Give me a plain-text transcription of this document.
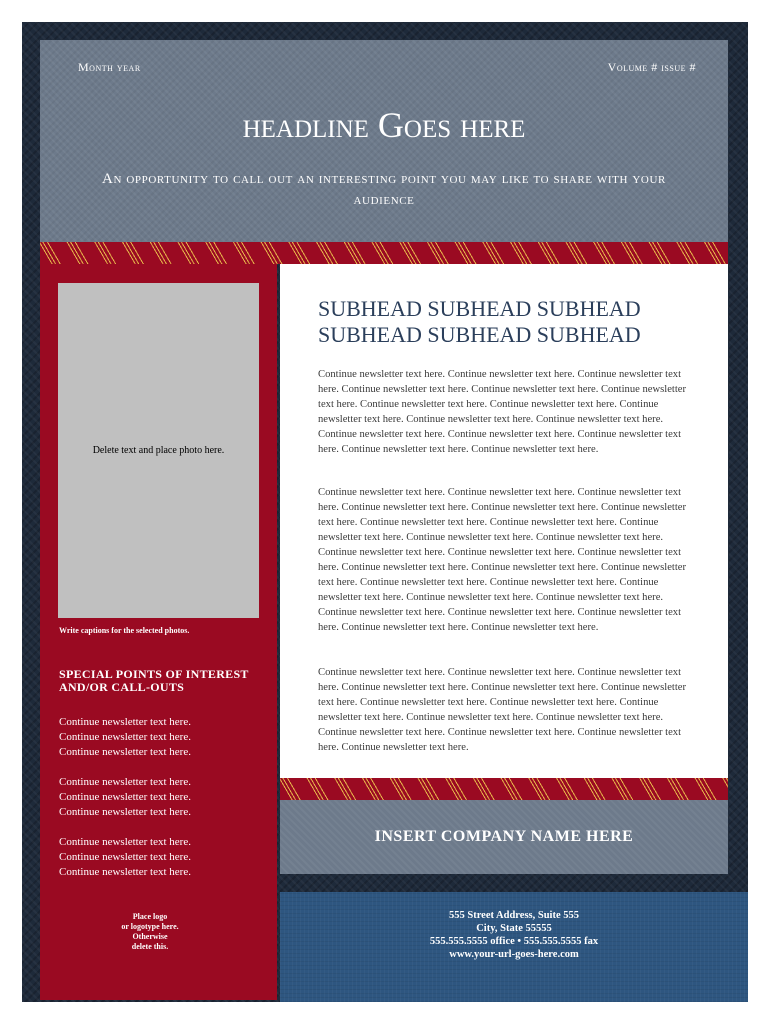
Month year	Volume # issue #
headline Goes here
An opportunity to call out an interesting point you may like to share with your audience
Delete text and place photo here.
Write captions for the selected photos.
SPECIAL POINTS OF INTEREST AND/OR CALL-OUTS
Continue newsletter text here.
Continue newsletter text here.
Continue newsletter text here.
Continue newsletter text here.
Continue newsletter text here.
Continue newsletter text here.
Continue newsletter text here.
Continue newsletter text here.
Continue newsletter text here.
Place logo
or logotype here.
Otherwise
delete this.
SUBHEAD SUBHEAD SUBHEAD SUBHEAD SUBHEAD SUBHEAD
Continue newsletter text here. Continue newsletter text here. Continue newsletter text here. Continue newsletter text here. Continue newsletter text here. Continue newsletter text here. Continue newsletter text here. Continue newsletter text here. Continue newsletter text here. Continue newsletter text here. Continue newsletter text here. Continue newsletter text here. Continue newsletter text here. Continue newsletter text here. Continue newsletter text here. Continue newsletter text here.
Continue newsletter text here. Continue newsletter text here. Continue newsletter text here. Continue newsletter text here. Continue newsletter text here. Continue newsletter text here. Continue newsletter text here. Continue newsletter text here. Continue newsletter text here. Continue newsletter text here. Continue newsletter text here. Continue newsletter text here. Continue newsletter text here. Continue newsletter text here. Continue newsletter text here. Continue newsletter text here. Continue newsletter text here. Continue newsletter text here. Continue newsletter text here. Continue newsletter text here. Continue newsletter text here. Continue newsletter text here. Continue newsletter text here. Continue newsletter text here. Continue newsletter text here. Continue newsletter text here. Continue newsletter text here.
Continue newsletter text here. Continue newsletter text here. Continue newsletter text here. Continue newsletter text here. Continue newsletter text here. Continue newsletter text here. Continue newsletter text here. Continue newsletter text here. Continue newsletter text here. Continue newsletter text here. Continue newsletter text here. Continue newsletter text here. Continue newsletter text here. Continue newsletter text here. Continue newsletter text here.
INSERT COMPANY NAME HERE
555 Street Address, Suite 555
City, State 55555
555.555.5555 office • 555.555.5555 fax
www.your-url-goes-here.com
